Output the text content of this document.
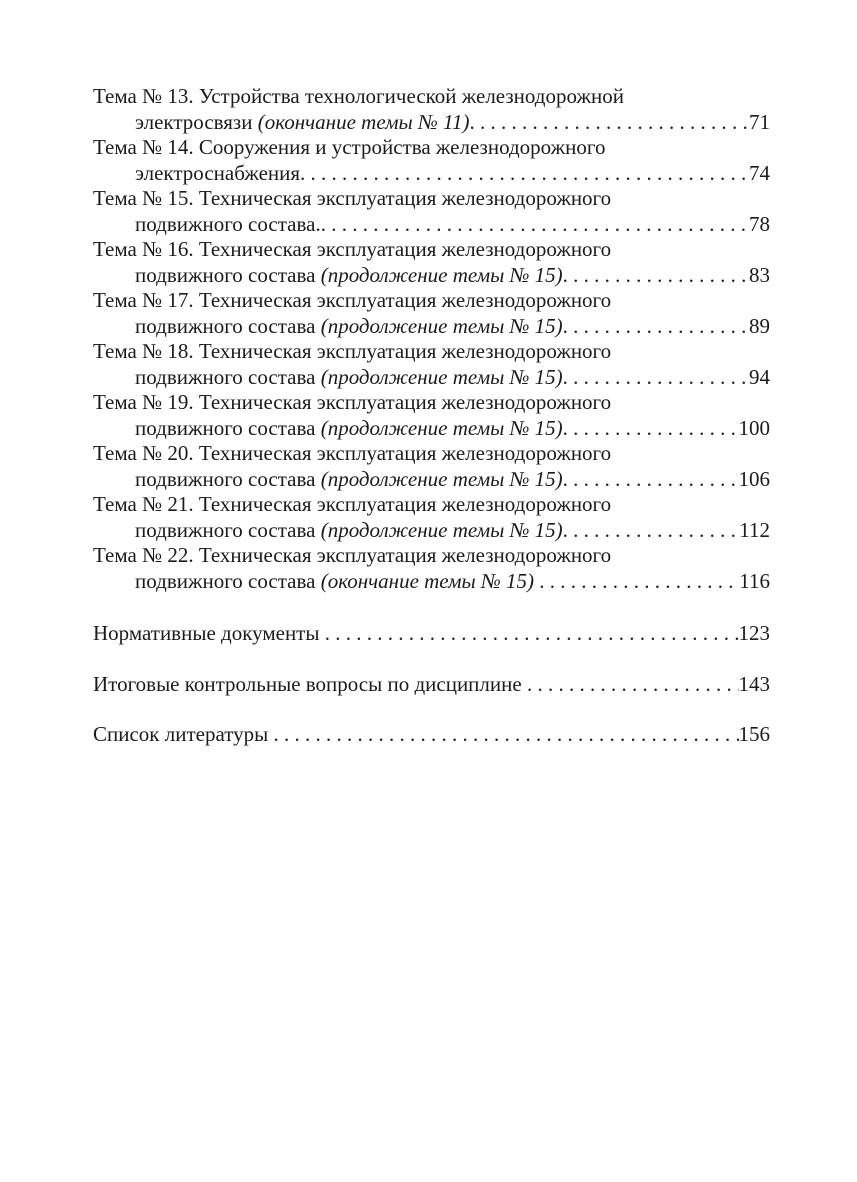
Тема № 13. Устройства технологической железнодорожной
электросвязи (окончание темы № 11) . . .	71
Тема № 14. Сооружения и устройства железнодорожного
электроснабжения . . .	74
Тема № 15. Техническая эксплуатация железнодорожного
подвижного состава. . . .	78
Тема № 16. Техническая эксплуатация железнодорожного
подвижного состава (продолжение темы № 15) . . .	83
Тема № 17. Техническая эксплуатация железнодорожного
подвижного состава (продолжение темы № 15) . . .	89
Тема № 18. Техническая эксплуатация железнодорожного
подвижного состава (продолжение темы № 15) . . .	94
Тема № 19. Техническая эксплуатация железнодорожного
подвижного состава (продолжение темы № 15) . . .	100
Тема № 20. Техническая эксплуатация железнодорожного
подвижного состава (продолжение темы № 15) . . .	106
Тема № 21. Техническая эксплуатация железнодорожного
подвижного состава (продолжение темы № 15) . . .	112
Тема № 22. Техническая эксплуатация железнодорожного
подвижного состава (окончание темы № 15) . . .	116
Нормативные документы . . .	123
Итоговые контрольные вопросы по дисциплине . . .	143
Список литературы . . .	156
